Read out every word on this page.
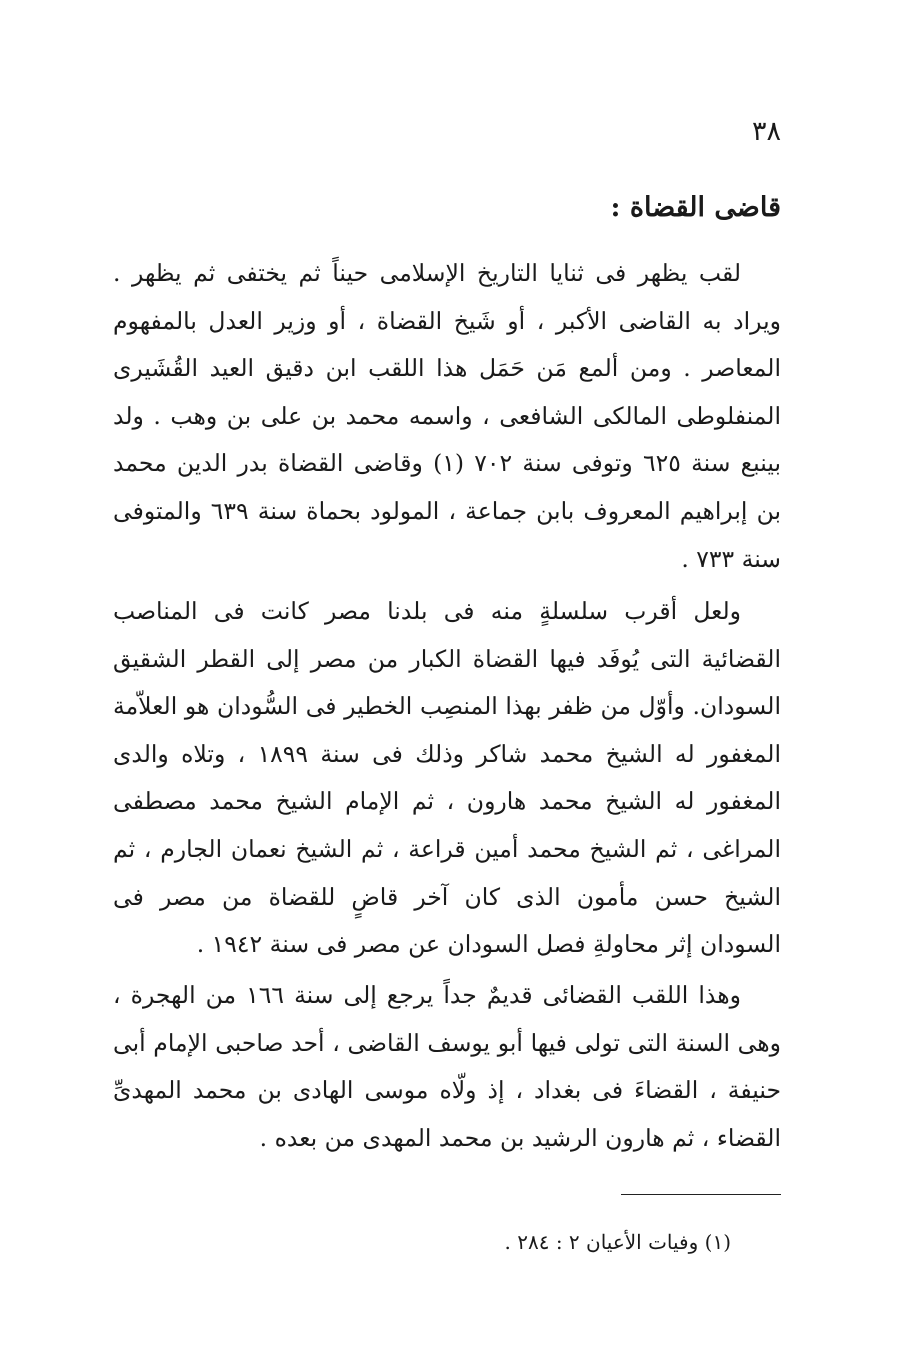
٣٨
قاضى القضاة :

لقب يظهر فى ثنايا التاريخ الإسلامى حيناً ثم يختفى ثم يظهر . ويراد به القاضى الأكبر ، أو شَيخ القضاة ، أو وزير العدل بالمفهوم المعاصر . ومن ألمع مَن حَمَل هذا اللقب ابن دقيق العيد القُشَيرى المنفلوطى المالكى الشافعى ، واسمه محمد بن على بن وهب . ولد بينبع سنة ٦٢٥ وتوفى سنة ٧٠٢ (١) وقاضى القضاة بدر الدين محمد بن إبراهيم المعروف بابن جماعة ، المولود بحماة سنة ٦٣٩ والمتوفى سنة ٧٣٣ .

ولعل أقرب سلسلةٍ منه فى بلدنا مصر كانت فى المناصب القضائية التى يُوفَد فيها القضاة الكبار من مصر إلى القطر الشقيق السودان. وأوّل من ظفر بهذا المنصِب الخطير فى السُّودان هو العلاّمة المغفور له الشيخ محمد شاكر وذلك فى سنة ١٨٩٩ ، وتلاه والدى المغفور له الشيخ محمد هارون ، ثم الإمام الشيخ محمد مصطفى المراغى ، ثم الشيخ محمد أمين قراعة ، ثم الشيخ نعمان الجارم ، ثم الشيخ حسن مأمون الذى كان آخر قاضٍ للقضاة من مصر فى السودان إثر محاولةِ فصل السودان عن مصر فى سنة ١٩٤٢ .

وهذا اللقب القضائى قديمٌ جداً يرجع إلى سنة ١٦٦ من الهجرة ، وهى السنة التى تولى فيها أبو يوسف القاضى ، أحد صاحبى الإمام أبى حنيفة ، القضاءَ فى بغداد ، إذ ولّاه موسى الهادى بن محمد المهدىِّ القضاء ، ثم هارون الرشيد بن محمد المهدى من بعده .

(١) وفيات الأعيان ٢ : ٢٨٤ .
